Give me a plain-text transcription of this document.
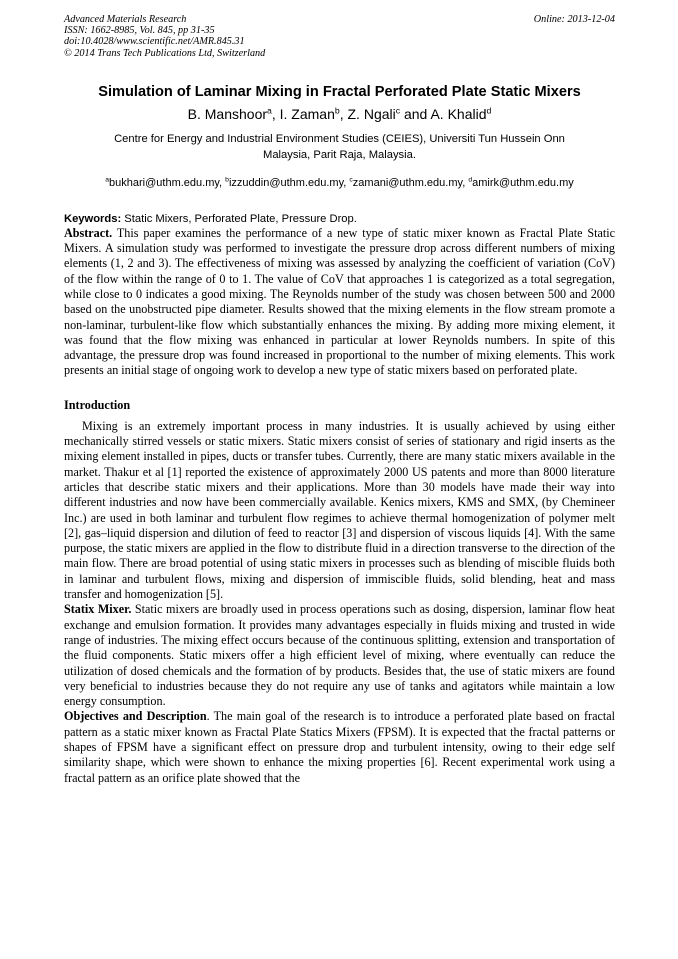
Advanced Materials Research
ISSN: 1662-8985, Vol. 845, pp 31-35
doi:10.4028/www.scientific.net/AMR.845.31
© 2014 Trans Tech Publications Ltd, Switzerland
Online: 2013-12-04
Simulation of Laminar Mixing in Fractal Perforated Plate Static Mixers
B. Manshoor$^a$, I. Zaman$^b$, Z. Ngali$^c$ and A. Khalid$^d$
Centre for Energy and Industrial Environment Studies (CEIES), Universiti Tun Hussein Onn
Malaysia, Parit Raja, Malaysia.
$^a$bukhari@uthm.edu.my, $^b$izzuddin@uthm.edu.my, $^c$zamani@uthm.edu.my, $^d$amirk@uthm.edu.my
Keywords: Static Mixers, Perforated Plate, Pressure Drop.

Abstract. This paper examines the performance of a new type of static mixer known as Fractal Plate Static Mixers. A simulation study was performed to investigate the pressure drop across different numbers of mixing elements (1, 2 and 3). The effectiveness of mixing was assessed by analyzing the coefficient of variation (CoV) of the flow within the range of 0 to 1. The value of CoV that approaches 1 is categorized as a total segregation, while close to 0 indicates a good mixing. The Reynolds number of the study was chosen between 500 and 2000 based on the unobstructed pipe diameter. Results showed that the mixing elements in the flow stream promote a non-laminar, turbulent-like flow which substantially enhances the mixing. By adding more mixing element, it was found that the flow mixing was enhanced in particular at lower Reynolds numbers. In spite of this advantage, the pressure drop was found increased in proportional to the number of mixing elements. This work presents an initial stage of ongoing work to develop a new type of static mixers based on perforated plate.

Introduction

Mixing is an extremely important process in many industries. It is usually achieved by using either mechanically stirred vessels or static mixers. Static mixers consist of series of stationary and rigid inserts as the mixing element installed in pipes, ducts or transfer tubes. Currently, there are many static mixers available in the market. Thakur et al [1] reported the existence of approximately 2000 US patents and more than 8000 literature articles that describe static mixers and their applications. More than 30 models have made their way into different industries and now have been commercially available. Kenics mixers, KMS and SMX, (by Chemineer Inc.) are used in both laminar and turbulent flow regimes to achieve thermal homogenization of polymer melt [2], gas–liquid dispersion and dilution of feed to reactor [3] and dispersion of viscous liquids [4]. With the same purpose, the static mixers are applied in the flow to distribute fluid in a direction transverse to the direction of the main flow. There are broad potential of using static mixers in processes such as blending of miscible fluids both in laminar and turbulent flows, mixing and dispersion of immiscible fluids, solid blending, heat and mass transfer and homogenization [5].

Statix Mixer. Static mixers are broadly used in process operations such as dosing, dispersion, laminar flow heat exchange and emulsion formation. It provides many advantages especially in fluids mixing and trusted in wide range of industries. The mixing effect occurs because of the continuous splitting, extension and transportation of the fluid components. Static mixers offer a high efficient level of mixing, where eventually can reduce the utilization of dosed chemicals and the formation of by products. Besides that, the use of static mixers are found very beneficial to industries because they do not require any use of tanks and agitators while maintain a low energy consumption.

Objectives and Description. The main goal of the research is to introduce a perforated plate based on fractal pattern as a static mixer known as Fractal Plate Statics Mixers (FPSM). It is expected that the fractal patterns or shapes of FPSM have a significant effect on pressure drop and turbulent intensity, owing to their edge self similarity shape, which were shown to enhance the mixing properties [6]. Recent experimental work using a fractal pattern as an orifice plate showed that the
